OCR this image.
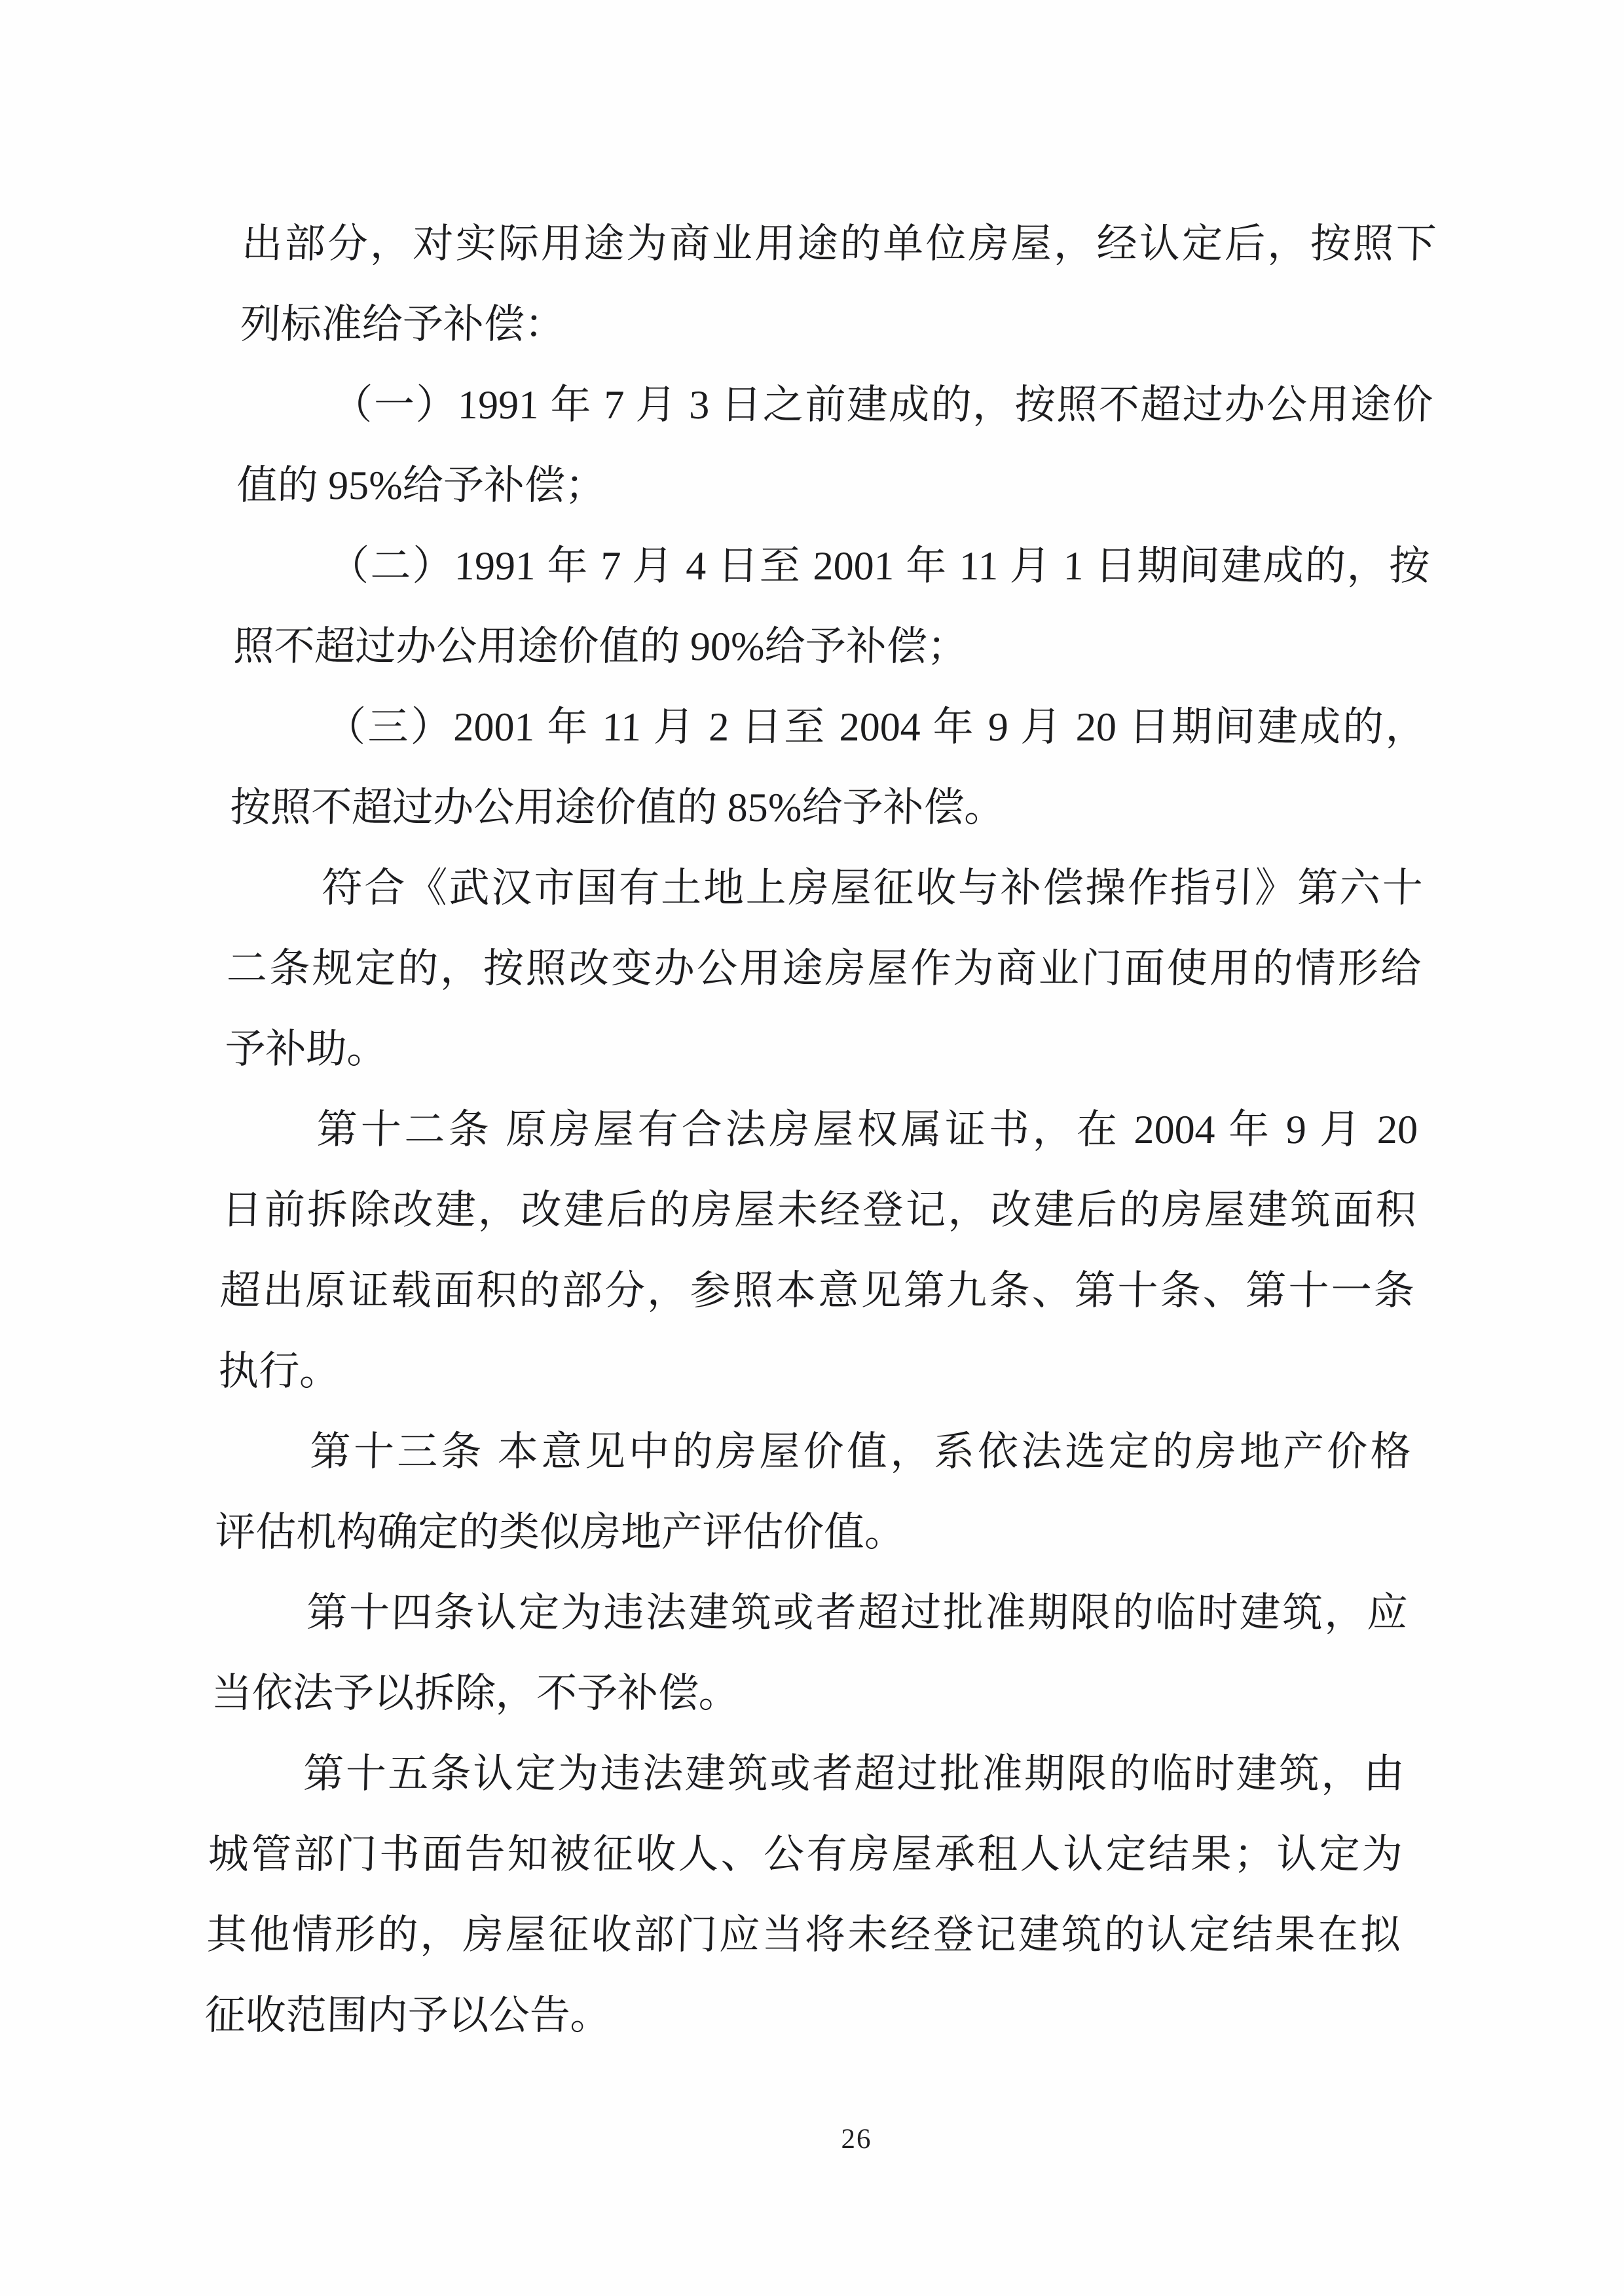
出部分，对实际用途为商业用途的单位房屋，经认定后，按照下
列标准给予补偿：
（一）1991 年 7 月 3 日之前建成的，按照不超过办公用途价
值的 95%给予补偿；
（二）1991 年 7 月 4 日至 2001 年 11 月 1 日期间建成的，按
照不超过办公用途价值的 90%给予补偿；
（三）2001 年 11 月 2 日至 2004 年 9 月 20 日期间建成的，
按照不超过办公用途价值的 85%给予补偿。
符合《武汉市国有土地上房屋征收与补偿操作指引》第六十
二条规定的，按照改变办公用途房屋作为商业门面使用的情形给
予补助。
第十二条 原房屋有合法房屋权属证书，在 2004 年 9 月 20
日前拆除改建，改建后的房屋未经登记，改建后的房屋建筑面积
超出原证载面积的部分，参照本意见第九条、第十条、第十一条
执行。
第十三条 本意见中的房屋价值，系依法选定的房地产价格
评估机构确定的类似房地产评估价值。
第十四条认定为违法建筑或者超过批准期限的临时建筑，应
当依法予以拆除，不予补偿。
第十五条认定为违法建筑或者超过批准期限的临时建筑，由
城管部门书面告知被征收人、公有房屋承租人认定结果；认定为
其他情形的，房屋征收部门应当将未经登记建筑的认定结果在拟
征收范围内予以公告。
26
